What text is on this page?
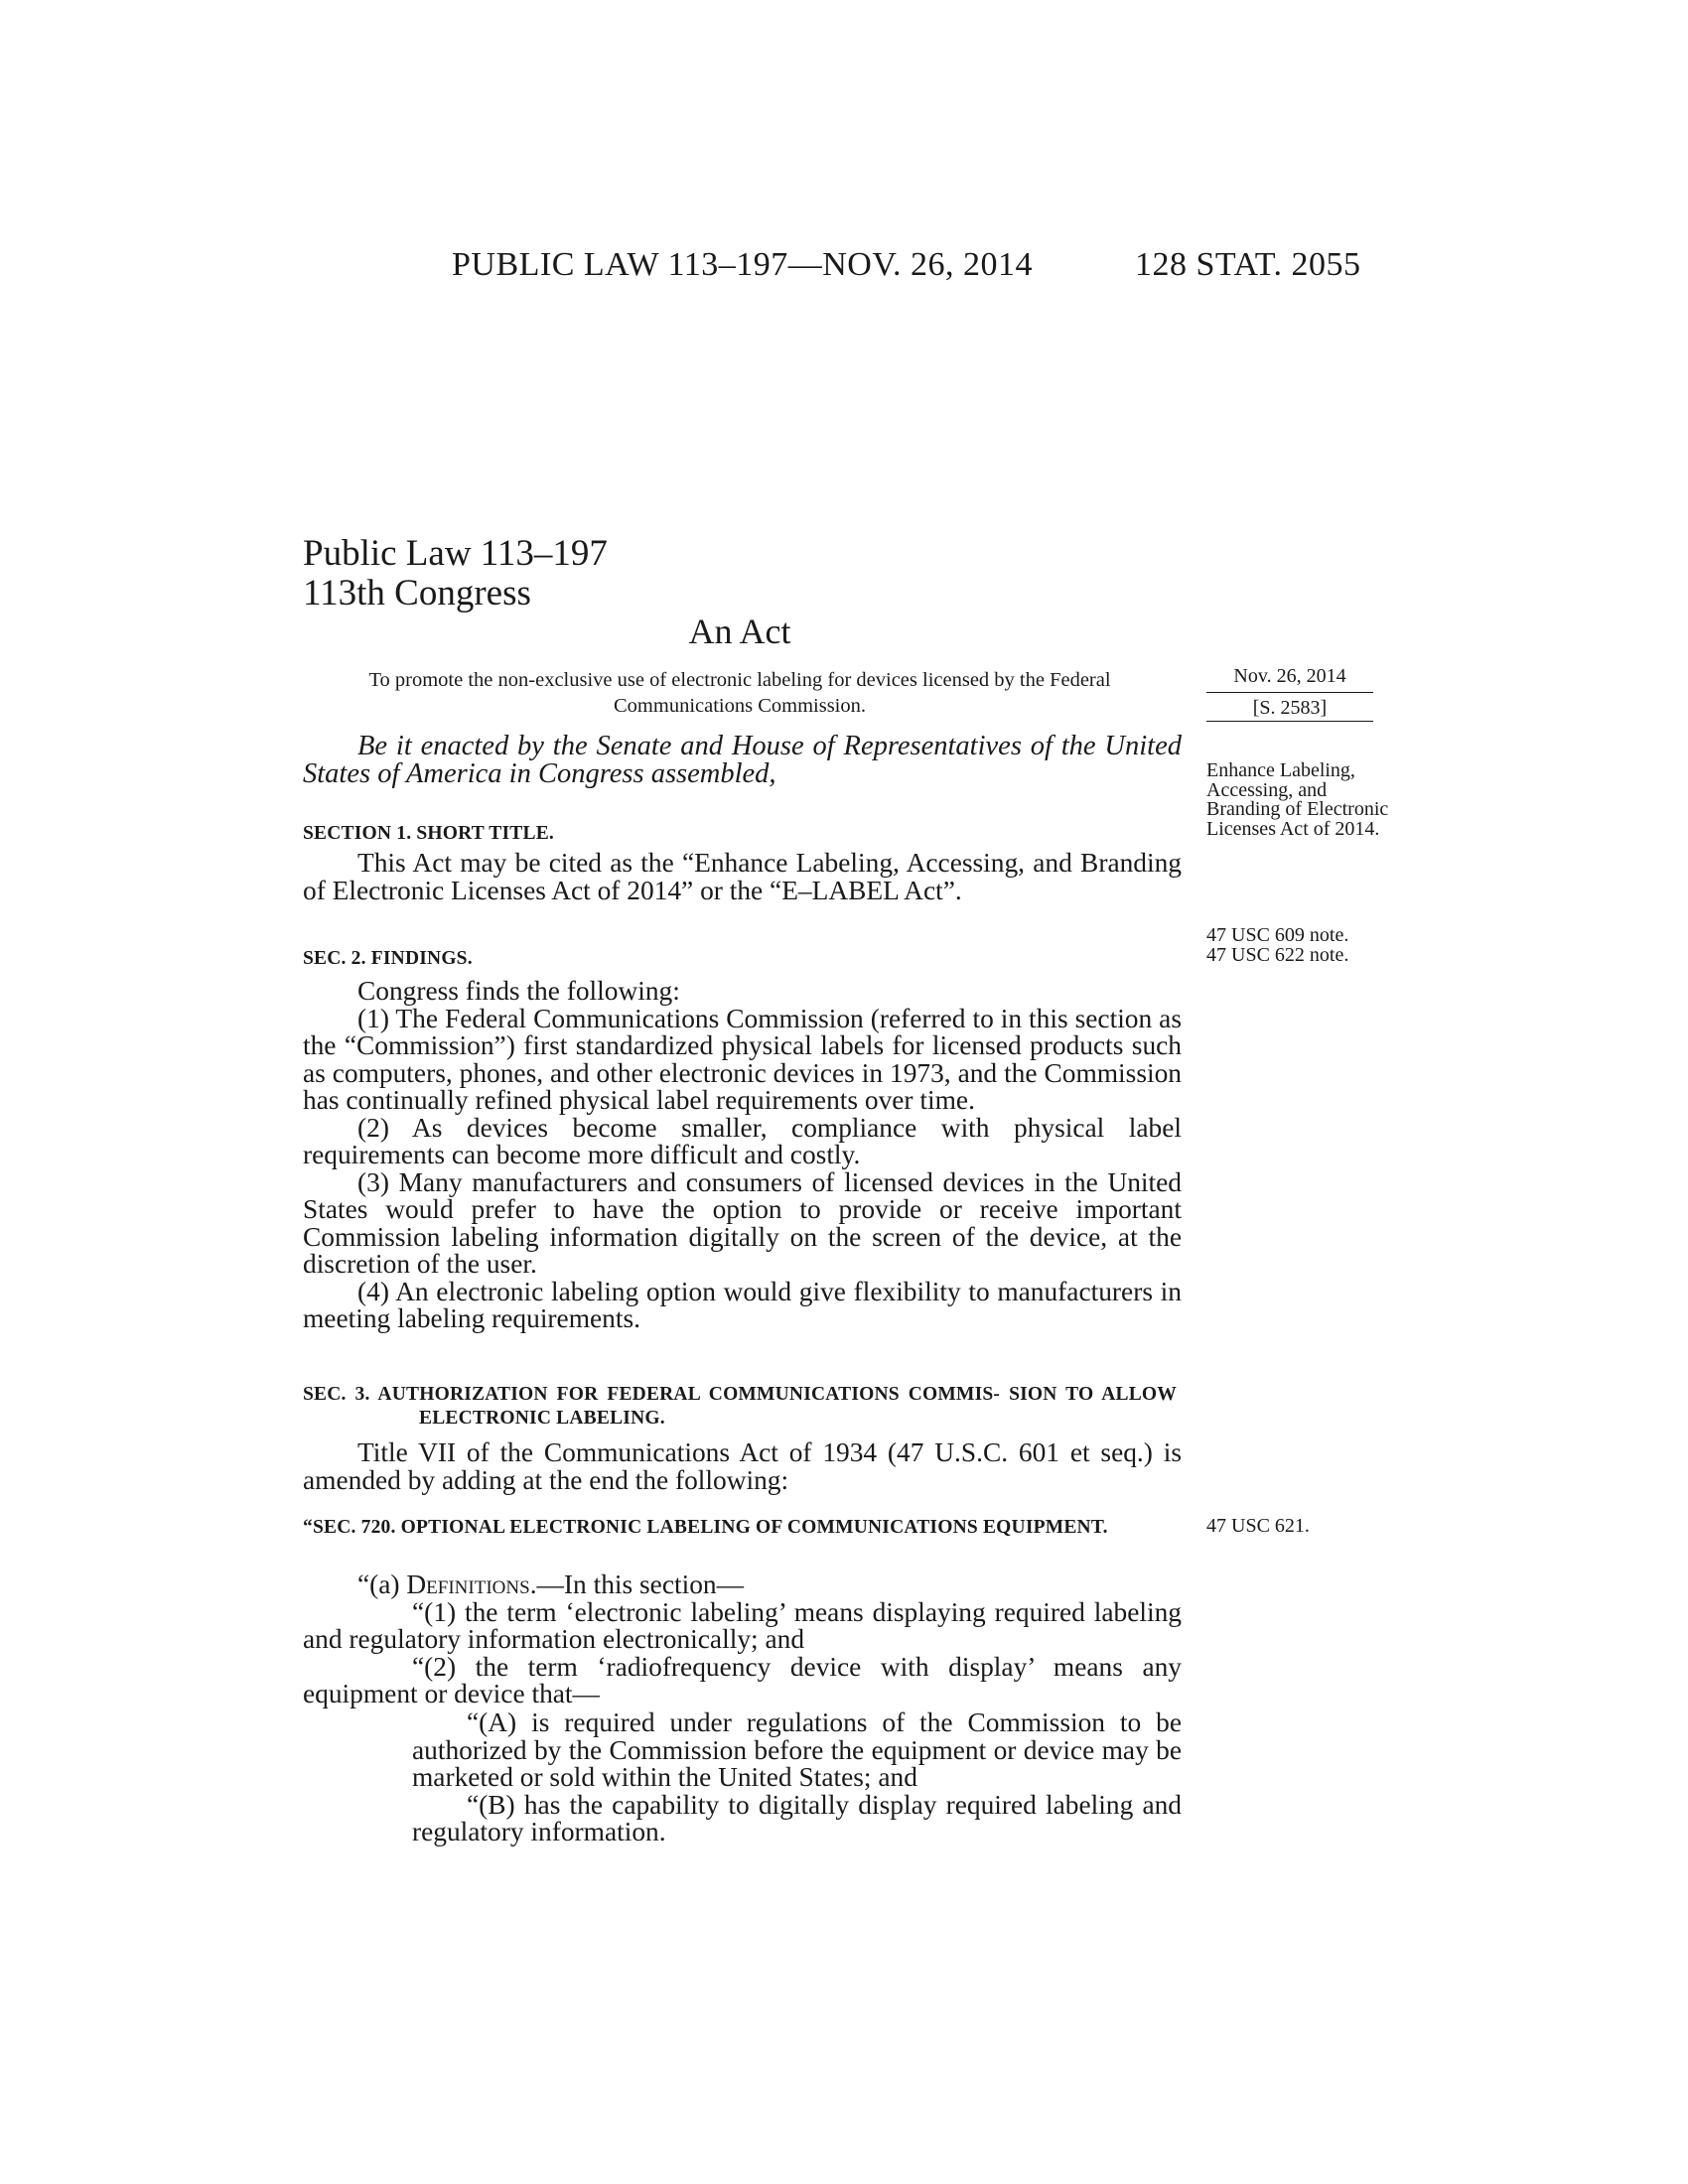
PUBLIC LAW 113–197—NOV. 26, 2014	128 STAT. 2055
Public Law 113–197
113th Congress
An Act
To promote the non-exclusive use of electronic labeling for devices licensed by the Federal Communications Commission.
Nov. 26, 2014
[S. 2583]
Enhance Labeling, Accessing, and Branding of Electronic Licenses Act of 2014.
47 USC 609 note.
47 USC 622 note.
47 USC 621.

Be it enacted by the Senate and House of Representatives of the United States of America in Congress assembled,

SECTION 1. SHORT TITLE.

This Act may be cited as the “Enhance Labeling, Accessing, and Branding of Electronic Licenses Act of 2014” or the “E–LABEL Act”.

SEC. 2. FINDINGS.

Congress finds the following:

(1) The Federal Communications Commission (referred to in this section as the “Commission”) first standardized physical labels for licensed products such as computers, phones, and other electronic devices in 1973, and the Commission has continually refined physical label requirements over time.

(2) As devices become smaller, compliance with physical label requirements can become more difficult and costly.

(3) Many manufacturers and consumers of licensed devices in the United States would prefer to have the option to provide or receive important Commission labeling information digitally on the screen of the device, at the discretion of the user.

(4) An electronic labeling option would give flexibility to manufacturers in meeting labeling requirements.

SEC. 3. AUTHORIZATION FOR FEDERAL COMMUNICATIONS COMMIS- SION TO ALLOW ELECTRONIC LABELING.

Title VII of the Communications Act of 1934 (47 U.S.C. 601 et seq.) is amended by adding at the end the following:

“SEC. 720. OPTIONAL ELECTRONIC LABELING OF COMMUNICATIONS EQUIPMENT.

“(a) Definitions.—In this section—

“(1) the term ‘electronic labeling’ means displaying required labeling and regulatory information electronically; and

“(2) the term ‘radiofrequency device with display’ means any equipment or device that—

“(A) is required under regulations of the Commission to be authorized by the Commission before the equipment or device may be marketed or sold within the United States; and

“(B) has the capability to digitally display required labeling and regulatory information.
